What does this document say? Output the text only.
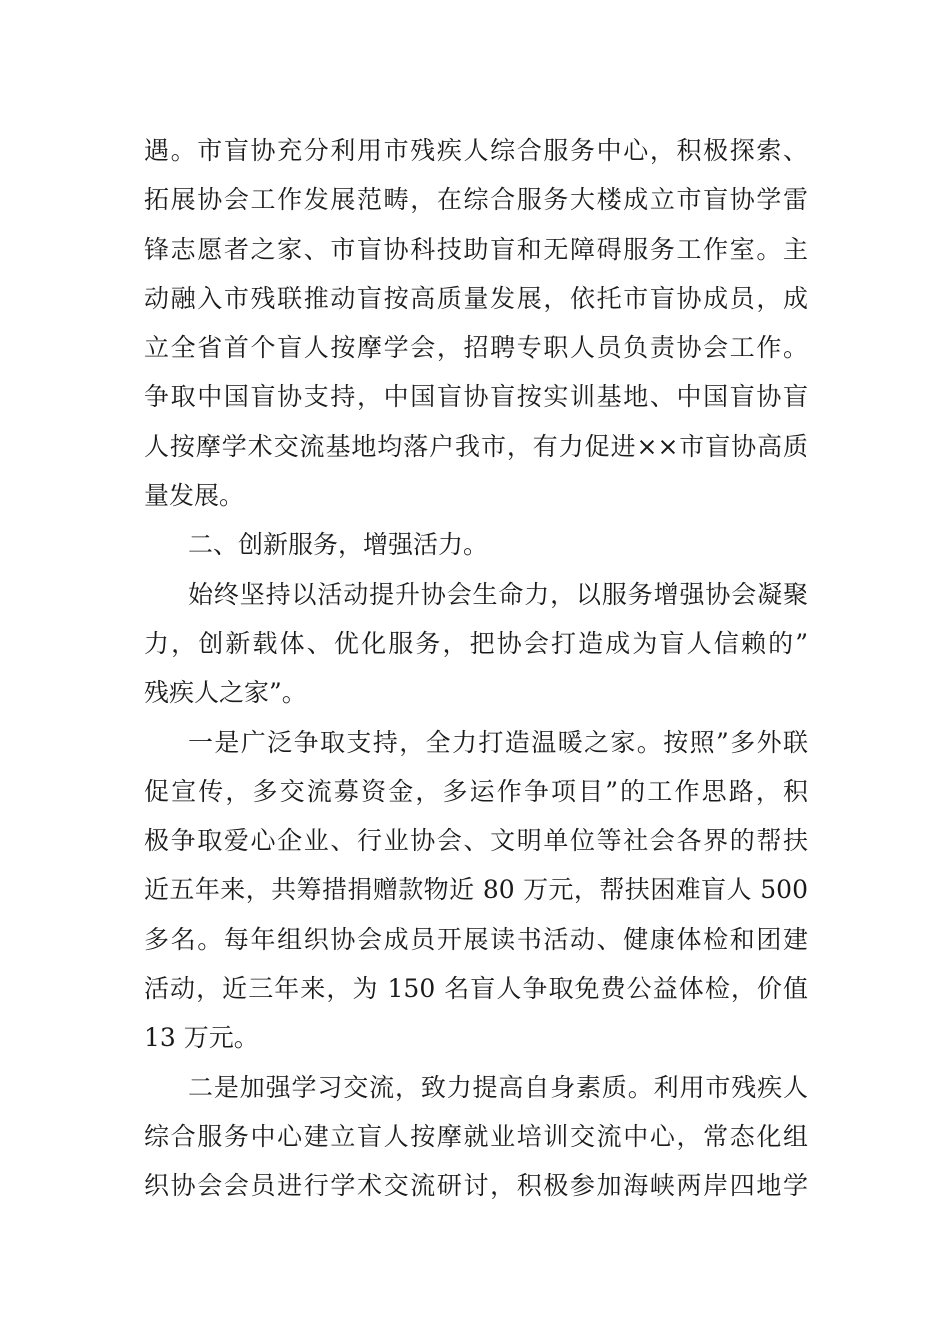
遇。市盲协充分利用市残疾人综合服务中心，积极探索、
拓展协会工作发展范畴，在综合服务大楼成立市盲协学雷
锋志愿者之家、市盲协科技助盲和无障碍服务工作室。主
动融入市残联推动盲按高质量发展，依托市盲协成员，成
立全省首个盲人按摩学会，招聘专职人员负责协会工作。
争取中国盲协支持，中国盲协盲按实训基地、中国盲协盲
人按摩学术交流基地均落户我市，有力促进××市盲协高质
量发展。
二、创新服务，增强活力。
始终坚持以活动提升协会生命力，以服务增强协会凝聚
力，创新载体、优化服务，把协会打造成为盲人信赖的”
残疾人之家”。
一是广泛争取支持，全力打造温暖之家。按照”多外联
促宣传，多交流募资金，多运作争项目”的工作思路，积
极争取爱心企业、行业协会、文明单位等社会各界的帮扶
近五年来，共筹措捐赠款物近 80 万元，帮扶困难盲人 500
多名。每年组织协会成员开展读书活动、健康体检和团建
活动，近三年来，为 150 名盲人争取免费公益体检，价值
13 万元。
二是加强学习交流，致力提高自身素质。利用市残疾人
综合服务中心建立盲人按摩就业培训交流中心，常态化组
织协会会员进行学术交流研讨，积极参加海峡两岸四地学
